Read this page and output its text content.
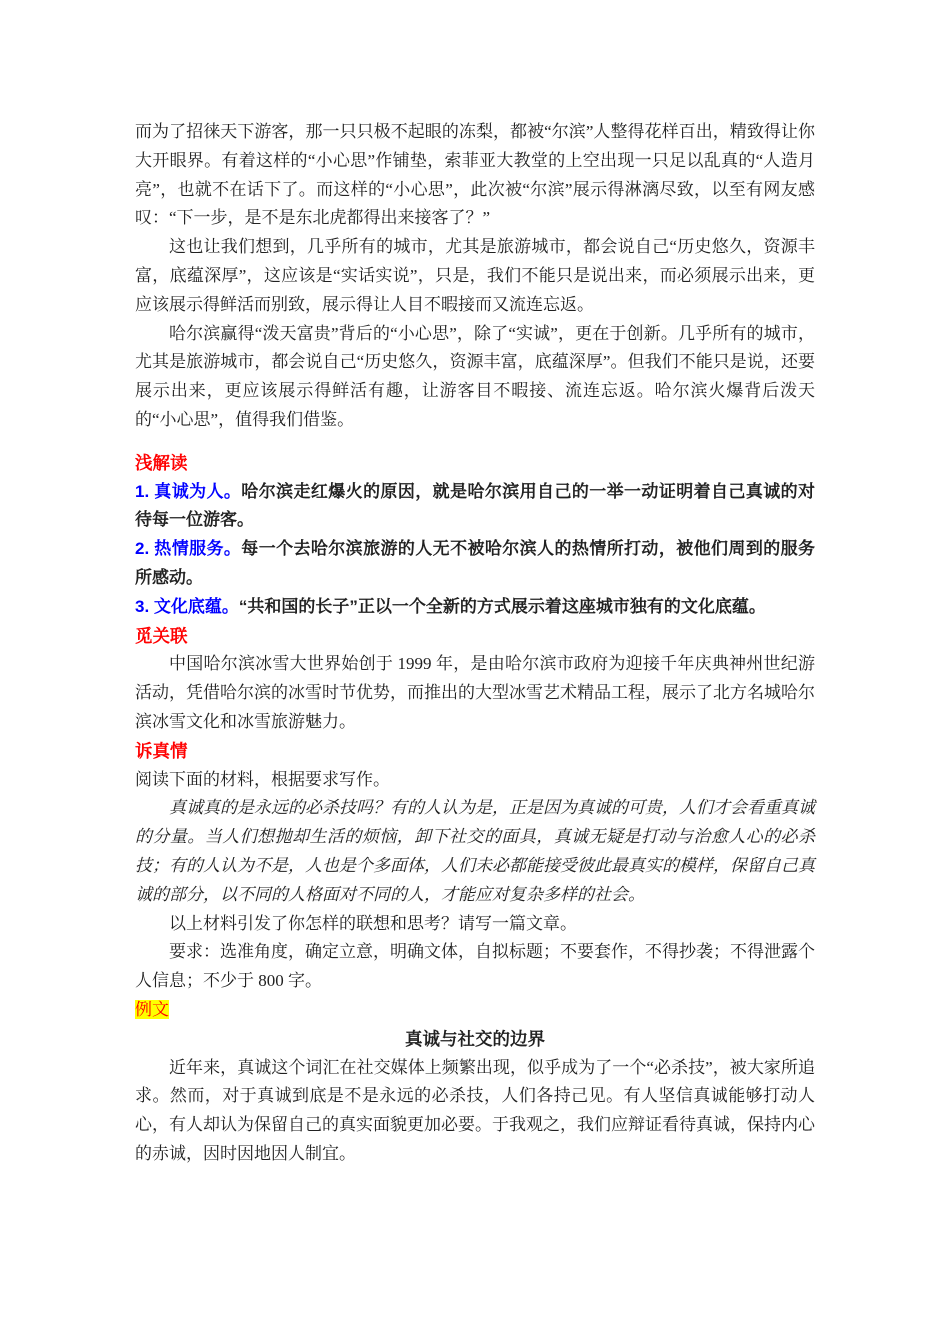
而为了招徕天下游客，那一只只极不起眼的冻梨，都被“尔滨”人整得花样百出，精致得让你大开眼界。有着这样的“小心思”作铺垫，索菲亚大教堂的上空出现一只足以乱真的“人造月亮”，也就不在话下了。而这样的“小心思”，此次被“尔滨”展示得淋漓尽致，以至有网友感叹：“下一步，是不是东北虎都得出来接客了？”

这也让我们想到，几乎所有的城市，尤其是旅游城市，都会说自己“历史悠久，资源丰富，底蕴深厚”，这应该是“实话实说”，只是，我们不能只是说出来，而必须展示出来，更应该展示得鲜活而别致，展示得让人目不暇接而又流连忘返。

哈尔滨赢得“泼天富贵”背后的“小心思”，除了“实诚”，更在于创新。几乎所有的城市，尤其是旅游城市，都会说自己“历史悠久，资源丰富，底蕴深厚”。但我们不能只是说，还要展示出来，更应该展示得鲜活有趣，让游客目不暇接、流连忘返。哈尔滨火爆背后泼天的“小心思”，值得我们借鉴。

浅解读

1. 真诚为人。哈尔滨走红爆火的原因，就是哈尔滨用自己的一举一动证明着自己真诚的对待每一位游客。

2. 热情服务。每一个去哈尔滨旅游的人无不被哈尔滨人的热情所打动，被他们周到的服务所感动。

3. 文化底蕴。“共和国的长子”正以一个全新的方式展示着这座城市独有的文化底蕴。

觅关联

中国哈尔滨冰雪大世界始创于 1999 年，是由哈尔滨市政府为迎接千年庆典神州世纪游活动，凭借哈尔滨的冰雪时节优势，而推出的大型冰雪艺术精品工程，展示了北方名城哈尔滨冰雪文化和冰雪旅游魅力。

诉真情

阅读下面的材料，根据要求写作。

真诚真的是永远的必杀技吗？有的人认为是，正是因为真诚的可贵，人们才会看重真诚的分量。当人们想抛却生活的烦恼，卸下社交的面具，真诚无疑是打动与治愈人心的必杀技；有的人认为不是，人也是个多面体，人们未必都能接受彼此最真实的模样，保留自己真诚的部分，以不同的人格面对不同的人，才能应对复杂多样的社会。

以上材料引发了你怎样的联想和思考？请写一篇文章。

要求：选准角度，确定立意，明确文体，自拟标题；不要套作，不得抄袭；不得泄露个人信息；不少于 800 字。

例文

真诚与社交的边界

近年来，真诚这个词汇在社交媒体上频繁出现，似乎成为了一个“必杀技”，被大家所追求。然而，对于真诚到底是不是永远的必杀技，人们各持己见。有人坚信真诚能够打动人心，有人却认为保留自己的真实面貌更加必要。于我观之，我们应辩证看待真诚，保持内心的赤诚，因时因地因人制宜。
